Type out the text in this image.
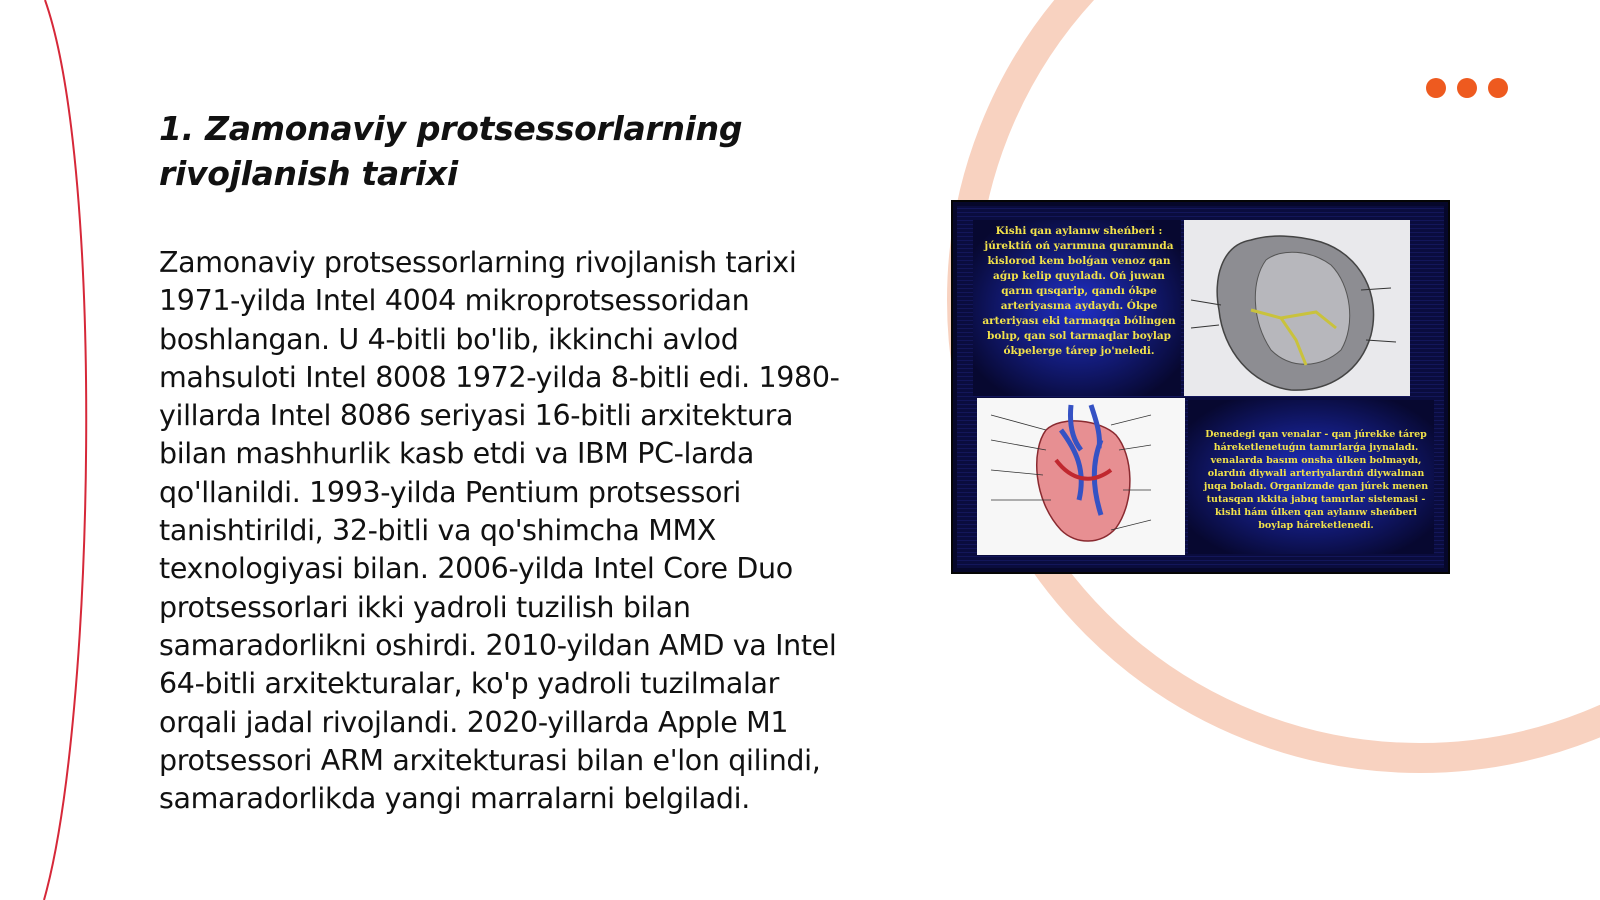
1. Zamonaviy protsessorlarning rivojlanish tarixi

Zamonaviy protsessorlarning rivojlanish tarixi 1971-yilda Intel 4004 mikroprotsessoridan boshlangan. U 4-bitli bo'lib, ikkinchi avlod mahsuloti Intel 8008 1972-yilda 8-bitli edi. 1980-yillarda Intel 8086 seriyasi 16-bitli arxitektura bilan mashhurlik kasb etdi va IBM PC-larda qo'llanildi. 1993-yilda Pentium protsessori tanishtirildi, 32-bitli va qo'shimcha MMX texnologiyasi bilan. 2006-yilda Intel Core Duo protsessorlari ikki yadroli tuzilish bilan samaradorlikni oshirdi. 2010-yildan AMD va Intel 64-bitli arxitekturalar, ko'p yadroli tuzilmalar orqali jadal rivojlandi. 2020-yillarda Apple M1 protsessori ARM arxitekturasi bilan e'lon qilindi, samaradorlikda yangi marralarni belgiladi.

Kishi qan aylanıw sheńberi : júrektiń oń yarımına quramında kislorod kem bolǵan venoz qan aǵıp kelip quyıladı. Oń juwan qarın qısqarip, qandı ókpe arteriyasına aydaydı. Ókpe arteriyası eki tarmaqqa bólingen bolıp, qan sol tarmaqlar boylap ókpelerge tárep jo'neledi.

Denedegi qan venalar - qan júrekke tárep háreketlenetuǵın tamırlarǵa jıynaladı. venalarda basım onsha úlken bolmaydı, olardıń diywali arteriyalardıń diywalınan juqa boladı. Organizmde qan júrek menen tutasqan ıkkita jabıq tamırlar sistemasi - kishi hám úlken qan aylanıw sheńberi boylap háreketlenedi.
